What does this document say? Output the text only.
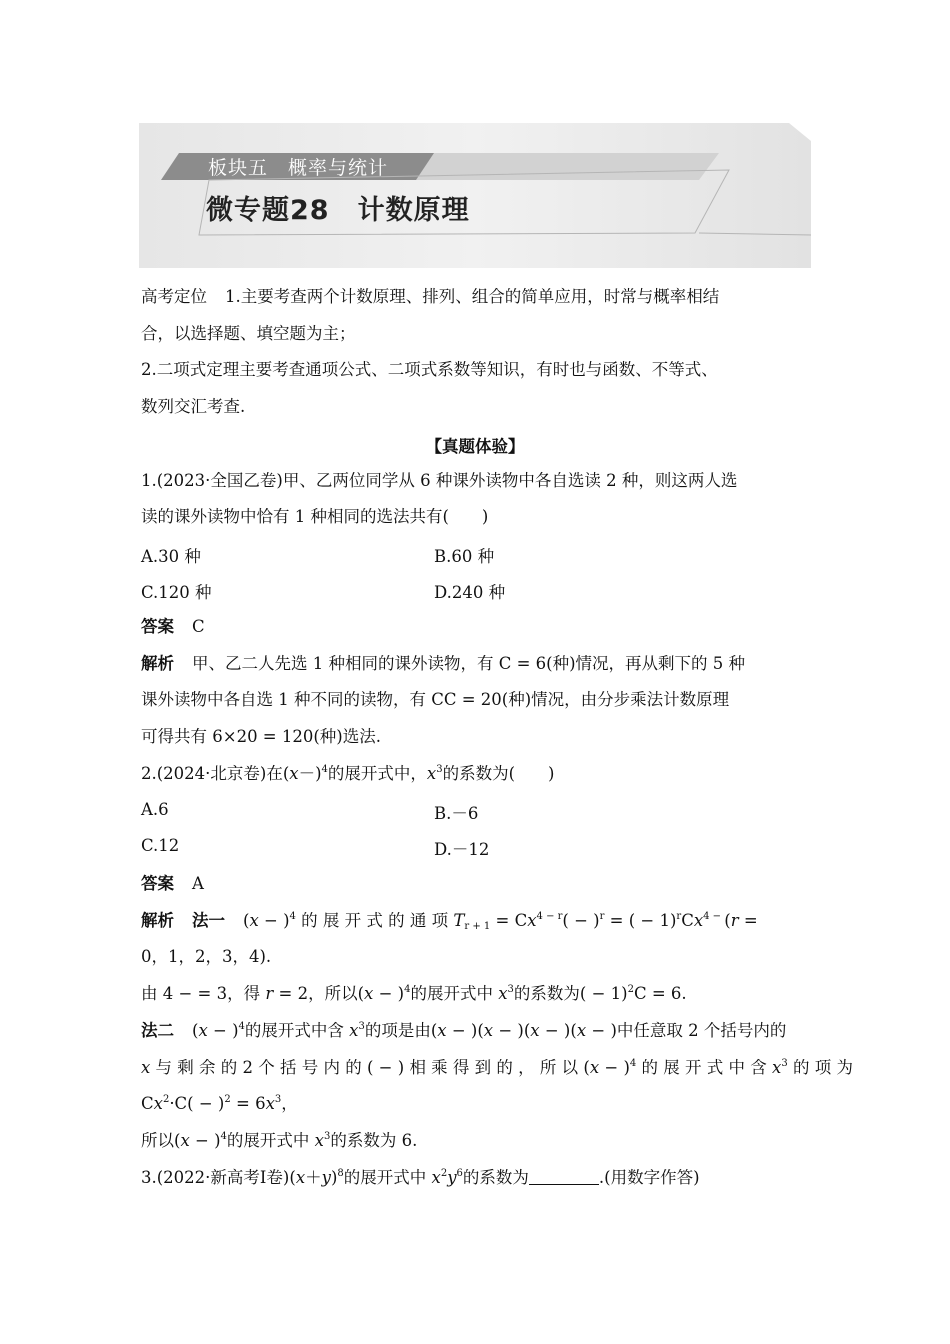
板块五　概率与统计
微专题28　计数原理
高考定位 1.主要考查两个计数原理、排列、组合的简单应用，时常与概率相结
合，以选择题、填空题为主；
2.二项式定理主要考查通项公式、二项式系数等知识，有时也与函数、不等式、
数列交汇考查.
【真题体验】
1.(2023·全国乙卷)甲、乙两位同学从 6 种课外读物中各自选读 2 种，则这两人选
读的课外读物中恰有 1 种相同的选法共有(　　)
A.30 种	B.60 种
C.120 种	D.240 种
答案 C
解析 甲、乙二人先选 1 种相同的课外读物，有 C = 6(种)情况，再从剩下的 5 种
课外读物中各自选 1 种不同的读物，有 CC = 20(种)情况，由分步乘法计数原理
可得共有 6×20 = 120(种)选法.
2.(2024·北京卷)在$(x-)^4$的展开式中，$x^3$的系数为(　　)
A.6	B.－6
C.12	D.－12
答案 A
解析 法一 $(x - )^4$ 的 展 开 式 的 通 项 $T_{r + 1} = Cx^{4 - r}( - )^r$ = ( − $1)^rCx^{4 -}$ (r =
0，1，2，3，4).
由 4 − = 3，得 r = 2，所以$(x - )^4$的展开式中 $x^3$的系数为( − 1)$^2$C = 6.
法二 $(x - )^4$的展开式中含 $x^3$的项是由(x − )(x − )(x − )(x − )中任意取 2 个括号内的
x 与 剩 余 的 2 个 括 号 内 的 ( − ) 相 乘 得 到 的 ， 所 以 $(x - )^4$ 的 展 开 式 中 含 $x^3$ 的 项 为
$Cx^2\cdot C( - )^2 = 6x^3$，
所以$(x - )^4$的展开式中 $x^3$的系数为 6.
3.(2022·新高考Ⅰ卷)$(x+y)^8$的展开式中 $x^2y^6$的系数为	.(用数字作答)
